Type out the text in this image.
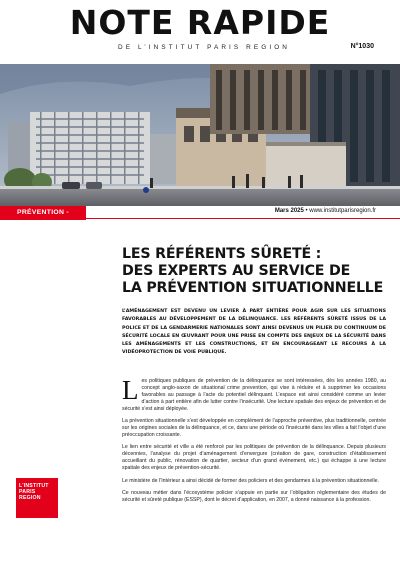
NOTE RAPIDE
DE L’INSTITUT PARIS REGION	N°1030
PRÉVENTION - SÉCURITÉ
Mars 2025 • www.institutparisregion.fr
LES RÉFÉRENTS SÛRETÉ :
DES EXPERTS AU SERVICE DE
LA PRÉVENTION SITUATIONNELLE
L’AMÉNAGEMENT EST DEVENU UN LEVIER À PART ENTIÈRE POUR AGIR SUR LES SITUATIONS FAVORABLES AU DÉVELOPPEMENT DE LA DÉLINQUANCE. LES RÉFÉRENTS SÛRETÉ ISSUS DE LA POLICE ET DE LA GENDARMERIE NATIONALES SONT AINSI DEVENUS UN PILIER DU CONTINUUM DE SÉCURITÉ LOCALE EN ŒUVRANT POUR UNE PRISE EN COMPTE DES ENJEUX DE LA SÉCURITÉ DANS LES AMÉNAGEMENTS ET LES CONSTRUCTIONS, ET EN ENCOURAGEANT LE RECOURS À LA VIDÉOPROTECTION DE VOIE PUBLIQUE.

Les politiques publiques de prévention de la délinquance se sont intéressées, dès les années 1980, au concept anglo-saxon de situational crime prevention, qui vise à réduire et à supprimer les occasions favorables au passage à l’acte du potentiel délinquant. L’espace est ainsi considéré comme un levier d’action à part entière afin de lutter contre l’insécurité. Une lecture spatiale des enjeux de prévention et de sécurité s’est ainsi déployée.

La prévention situationnelle s’est développée en complément de l’approche préventive, plus traditionnelle, centrée sur les origines sociales de la délinquance, et ce, dans une période où l’insécurité dans les villes a fait l’objet d’une préoccupation croissante.

Le lien entre sécurité et ville a été renforcé par les politiques de prévention de la délinquance. Depuis plusieurs décennies, l’analyse du projet d’aménagement d’envergure (création de gare, construction d’établissement accueillant du public, rénovation de quartier, secteur d’un grand événement, etc.) qui échappe à une lecture spatiale des enjeux de prévention-sécurité.

Le ministère de l’Intérieur a ainsi décidé de former des policiers et des gendarmes à la prévention situationnelle.

Ce nouveau métier dans l’écosystème policier s’appuie en partie sur l’obligation réglementaire des études de sécurité et sûreté publique (ESSP), dont le décret d’application, en 2007, a donné naissance à la profession.

L’INSTITUT
PARIS
REGION
